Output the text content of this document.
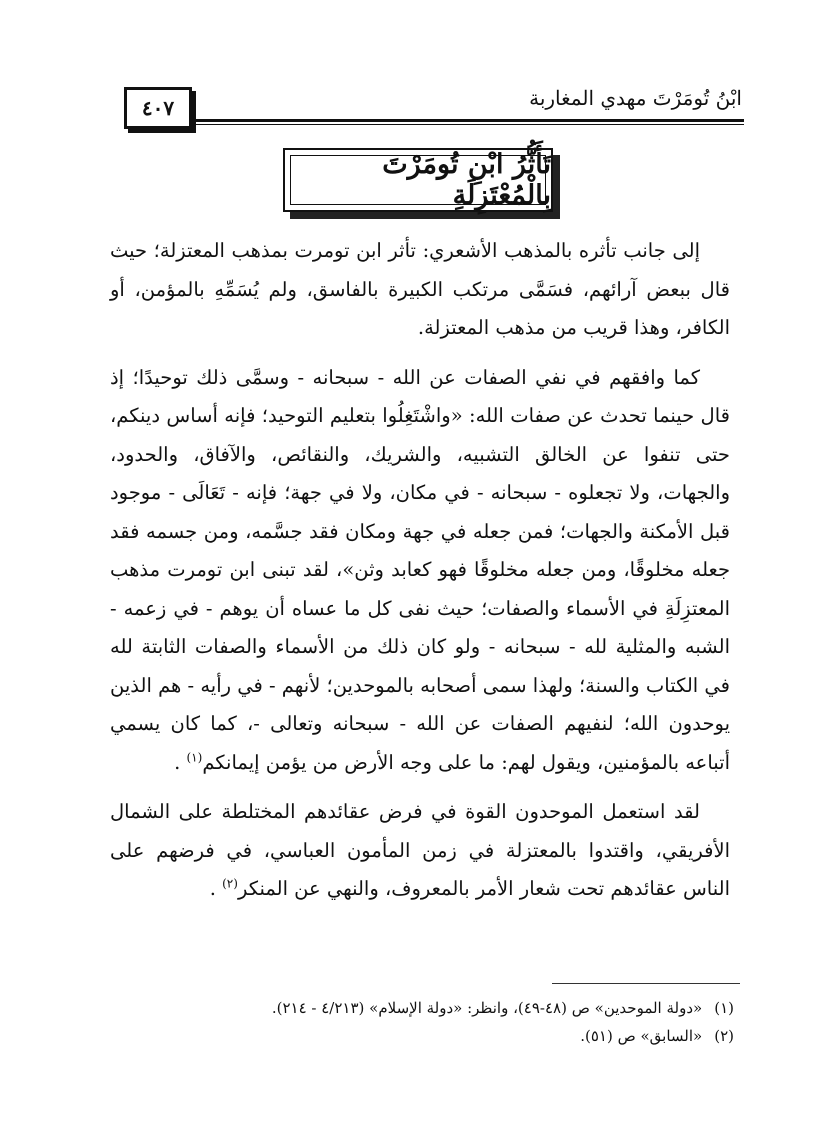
ابْنُ تُومَرْتَ مهدي المغاربة
٤٠٧
تَأَثُّرُ ابْنِ تُومَرْتَ بِالْمُعْتَزِلَةِ

إلى جانب تأثره بالمذهب الأشعري: تأثر ابن تومرت بمذهب المعتزلة؛ حيث قال ببعض آرائهم، فسَمَّى مرتكب الكبيرة بالفاسق، ولم يُسَمِّهِ بالمؤمن، أو الكافر، وهذا قريب من مذهب المعتزلة.

كما وافقهم في نفي الصفات عن الله - سبحانه - وسمَّى ذلك توحيدًا؛ إذ قال حينما تحدث عن صفات الله: «واشْتَغِلُوا بتعليم التوحيد؛ فإنه أساس دينكم، حتى تنفوا عن الخالق التشبيه، والشريك، والنقائص، والآفاق، والحدود، والجهات، ولا تجعلوه - سبحانه - في مكان، ولا في جهة؛ فإنه - تَعَالَى - موجود قبل الأمكنة والجهات؛ فمن جعله في جهة ومكان فقد جسَّمه، ومن جسمه فقد جعله مخلوقًا، ومن جعله مخلوقًا فهو كعابد وثن»، لقد تبنى ابن تومرت مذهب المعتزِلَةِ في الأسماء والصفات؛ حيث نفى كل ما عساه أن يوهم - في زعمه - الشبه والمثلية لله - سبحانه - ولو كان ذلك من الأسماء والصفات الثابتة لله في الكتاب والسنة؛ ولهذا سمى أصحابه بالموحدين؛ لأنهم - في رأيه - هم الذين يوحدون الله؛ لنفيهم الصفات عن الله - سبحانه وتعالى -، كما كان يسمي أتباعه بالمؤمنين، ويقول لهم: ما على وجه الأرض من يؤمن إيمانكم$^{(١)}$ .

لقد استعمل الموحدون القوة في فرض عقائدهم المختلطة على الشمال الأفريقي، واقتدوا بالمعتزلة في زمن المأمون العباسي، في فرضهم على الناس عقائدهم تحت شعار الأمر بالمعروف، والنهي عن المنكر$^{(٢)}$ .

(١)«دولة الموحدين» ص (٤٨-٤٩)، وانظر: «دولة الإسلام» (٤/٢١٣ - ٢١٤).
(٢)«السابق» ص (٥١).
